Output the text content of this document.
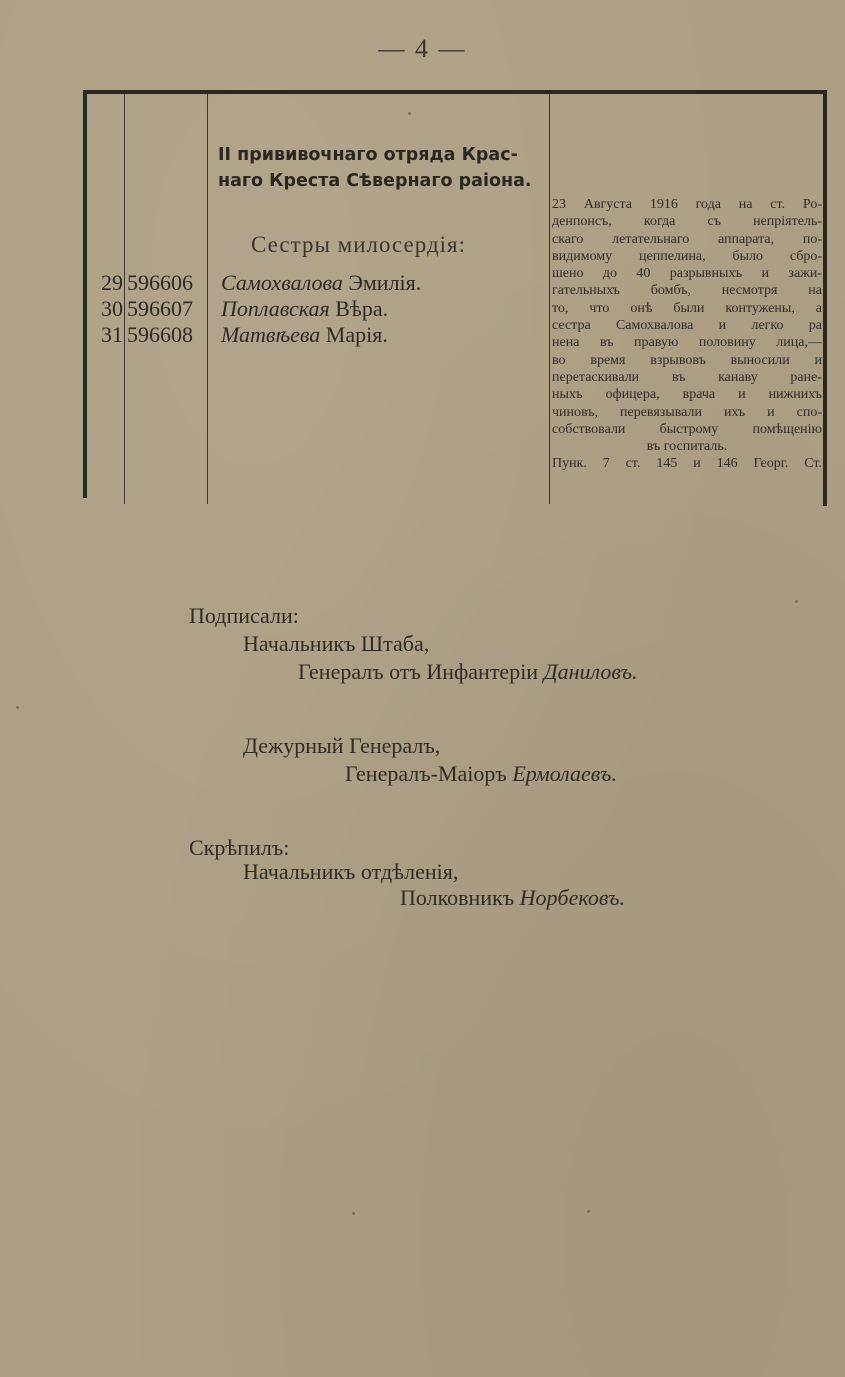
— 4 —
II прививочнаго отряда Крас-
наго Креста Сѣвернаго раіона.
Сестры милосердія:
29 596606	Самохвалова Эмилія.
30 596607	Поплавская Вѣра.
31 596608	Матвѣева Марія.
23 Августа 1916 года на ст. Ро-
денпонсъ, когда съ непріятель-
скаго летательнаго аппарата, по-
видимому цеппелина, было сбро-
шено до 40 разрывныхъ и зажи-
гательныхъ бомбъ, несмотря на
то, что онѣ были контужены, а
сестра Самохвалова и легко ра
нена въ правую половину лица,—
во время взрывовъ выносили и
перетаскивали въ канаву ране-
ныхъ офицера, врача и нижнихъ
чиновъ, перевязывали ихъ и спо-
собствовали быстрому помѣщенію
въ госпиталь.
Пунк. 7 ст. 145 и 146 Георг. Ст.
Подписали:
Начальникъ Штаба,
Генералъ отъ Инфантеріи Даниловъ.
Дежурный Генералъ,
Генералъ-Маіоръ Ермолаевъ.
Скрѣпилъ:
Начальникъ отдѣленія,
Полковникъ Норбековъ.
